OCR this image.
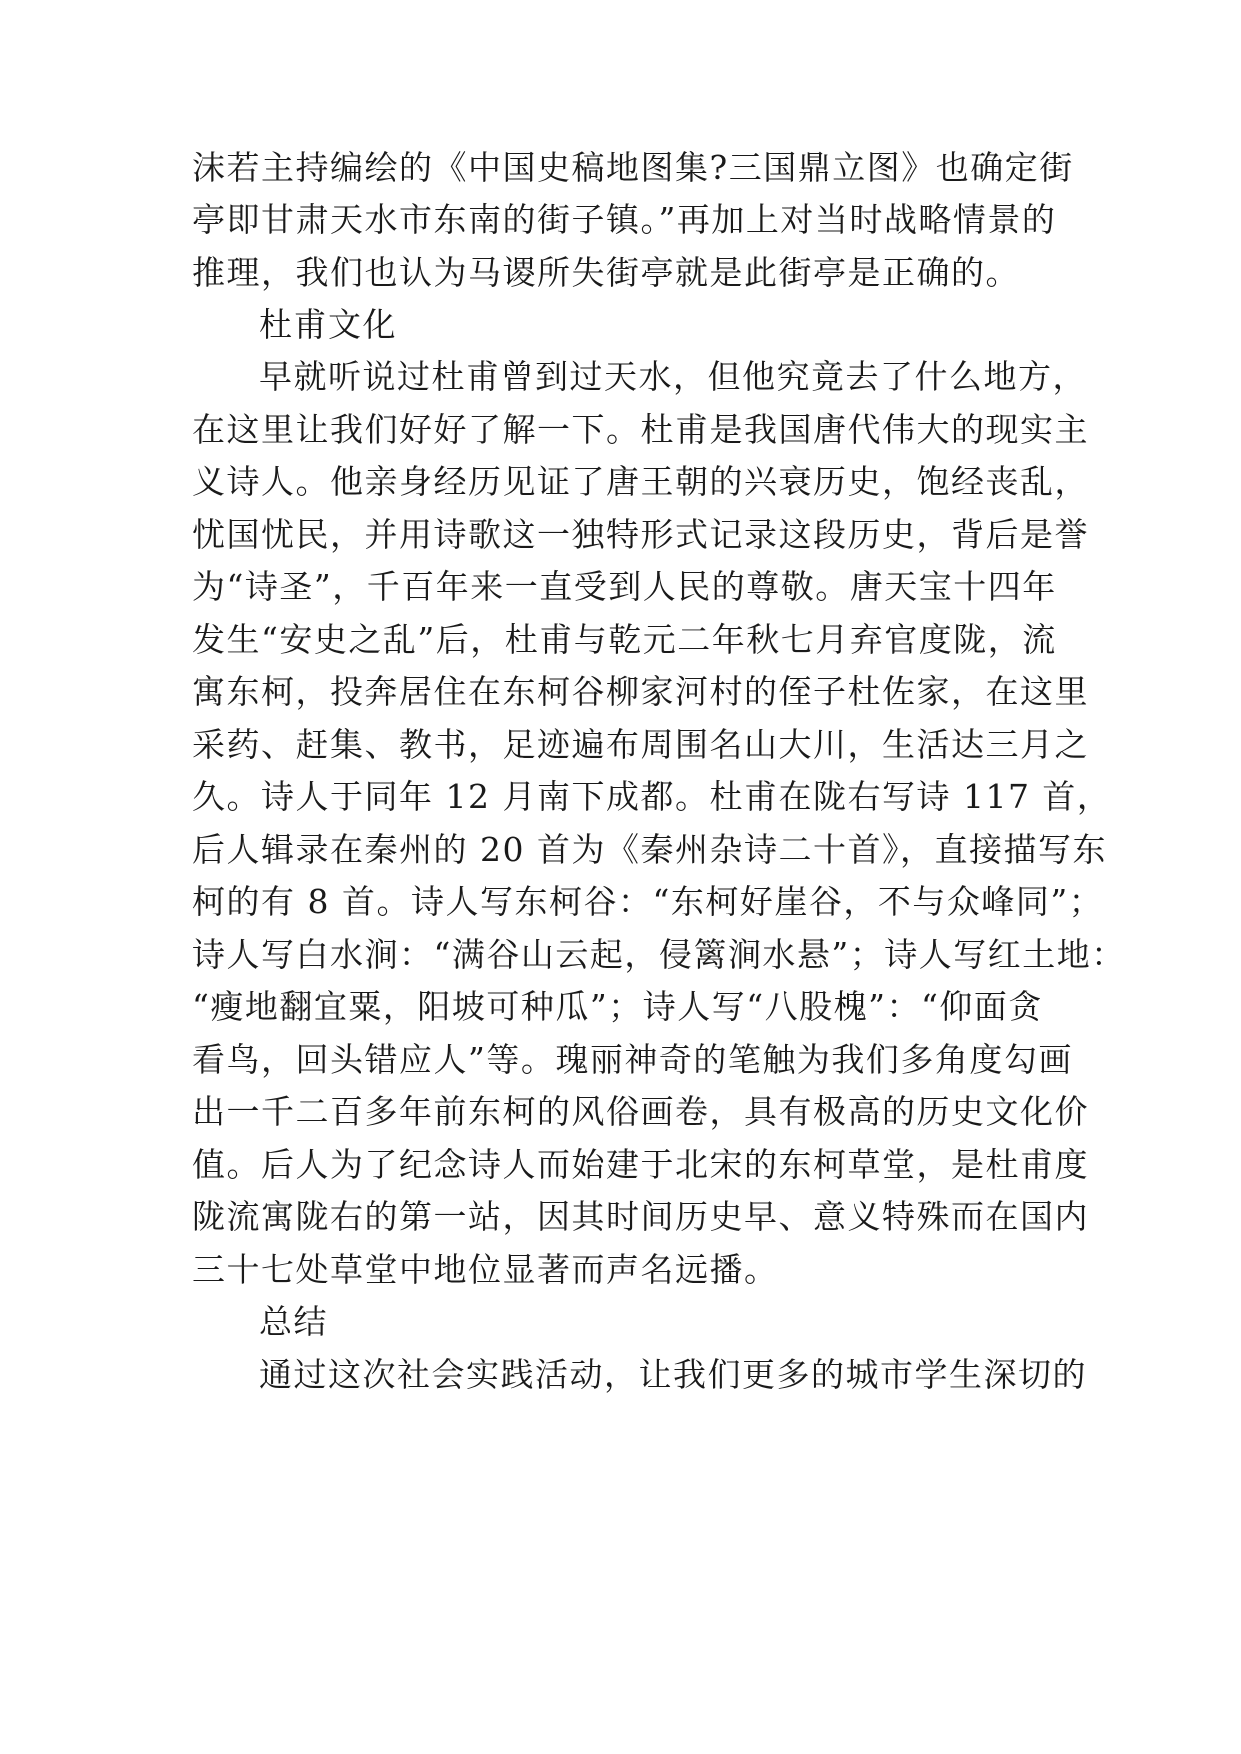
沫若主持编绘的《中国史稿地图集?三国鼎立图》也确定街
亭即甘肃天水市东南的街子镇。”再加上对当时战略情景的
推理，我们也认为马谡所失街亭就是此街亭是正确的。
杜甫文化
早就听说过杜甫曾到过天水，但他究竟去了什么地方，
在这里让我们好好了解一下。杜甫是我国唐代伟大的现实主
义诗人。他亲身经历见证了唐王朝的兴衰历史，饱经丧乱，
忧国忧民，并用诗歌这一独特形式记录这段历史，背后是誉
为“诗圣”，千百年来一直受到人民的尊敬。唐天宝十四年
发生“安史之乱”后，杜甫与乾元二年秋七月弃官度陇，流
寓东柯，投奔居住在东柯谷柳家河村的侄子杜佐家，在这里
采药、赶集、教书，足迹遍布周围名山大川，生活达三月之
久。诗人于同年 12 月南下成都。杜甫在陇右写诗 117 首，
后人辑录在秦州的 20 首为《秦州杂诗二十首》，直接描写东
柯的有 8 首。诗人写东柯谷：“东柯好崖谷，不与众峰同”；
诗人写白水涧：“满谷山云起，侵篱涧水悬”；诗人写红土地：
“瘦地翻宜粟，阳坡可种瓜”；诗人写“八股槐”：“仰面贪
看鸟，回头错应人”等。瑰丽神奇的笔触为我们多角度勾画
出一千二百多年前东柯的风俗画卷，具有极高的历史文化价
值。后人为了纪念诗人而始建于北宋的东柯草堂，是杜甫度
陇流寓陇右的第一站，因其时间历史早、意义特殊而在国内
三十七处草堂中地位显著而声名远播。
总结
通过这次社会实践活动，让我们更多的城市学生深切的
